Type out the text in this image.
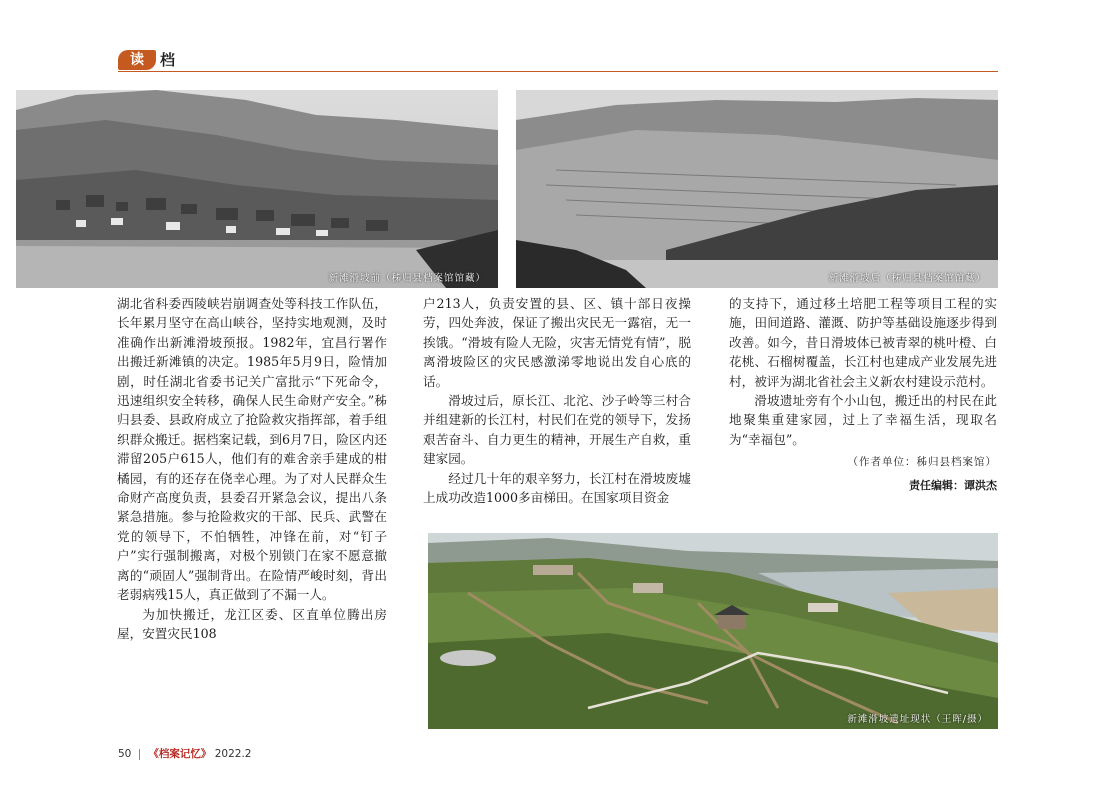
读	档
新滩滑坡前（秭归县档案馆馆藏）	新滩滑坡后（秭归县档案馆馆藏）

湖北省科委西陵峡岩崩调查处等科技工作队伍，长年累月坚守在高山峡谷，坚持实地观测，及时准确作出新滩滑坡预报。1982年，宜昌行署作出搬迁新滩镇的决定。1985年5月9日，险情加剧，时任湖北省委书记关广富批示“下死命令，迅速组织安全转移，确保人民生命财产安全。”秭归县委、县政府成立了抢险救灾指挥部，着手组织群众搬迁。据档案记载，到6月7日，险区内还滞留205户615人，他们有的难舍亲手建成的柑橘园，有的还存在侥幸心理。为了对人民群众生命财产高度负责，县委召开紧急会议，提出八条紧急措施。参与抢险救灾的干部、民兵、武警在党的领导下，不怕牺牲，冲锋在前，对“钉子户”实行强制搬离，对极个别锁门在家不愿意撤离的“顽固人”强制背出。在险情严峻时刻，背出老弱病残15人，真正做到了不漏一人。

为加快搬迁，龙江区委、区直单位腾出房屋，安置灾民108

户213人，负责安置的县、区、镇十部日夜操劳，四处奔波，保证了搬出灾民无一露宿，无一挨饿。“滑坡有险人无险，灾害无情党有情”，脱离滑坡险区的灾民感激涕零地说出发自心底的话。

滑坡过后，原长江、北沱、沙子岭等三村合并组建新的长江村，村民们在党的领导下，发扬艰苦奋斗、自力更生的精神，开展生产自救，重建家园。

经过几十年的艰辛努力，长江村在滑坡废墟上成功改造1000多亩梯田。在国家项目资金

的支持下，通过移土培肥工程等项目工程的实施，田间道路、灌溉、防护等基础设施逐步得到改善。如今，昔日滑坡体已被青翠的桃叶橙、白花桃、石榴树覆盖，长江村也建成产业发展先进村，被评为湖北省社会主义新农村建设示范村。

滑坡遗址旁有个小山包，搬迁出的村民在此地聚集重建家园，过上了幸福生活，现取名为“幸福包”。

（作者单位：秭归县档案馆）
责任编辑：谭洪杰
新滩滑坡遗址现状（王晖/摄）
50 《档案记忆》 2022.2
